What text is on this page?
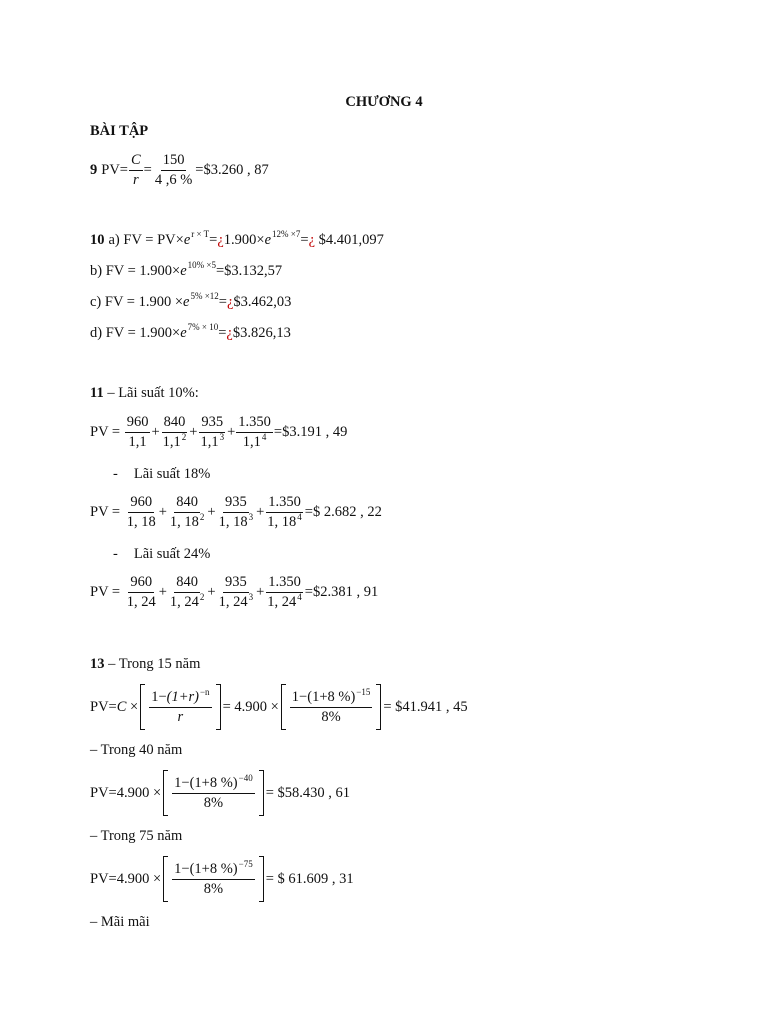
CHƯƠNG 4
BÀI TẬP
9 $PV= \frac{C}{r} = \frac{150}{4 ,6 \%}$ =$3.260 , 87
10 a) FV = $PV\times e^{r \times T}$ = ¿ $1.900\times e^{12\% \times 7}$ = ¿ $4.401,097
b) FV = $1.900\times e^{10\% \times 5}$ =$3.132,57
c) FV = $1.900 \times e^{5\% \times 12}$ = ¿ $3.462,03
d) FV = $1.900\times e^{7\% \times 10}$ = ¿ $3.826,13
11 – Lãi suất 10%:
PV = $\frac{960}{1,1} + \frac{840}{1,1^2} + \frac{935}{1,1^3} + \frac{1.350}{1,1^4}$ =$3.191 , 49
- Lãi suất 18%
PV = $\frac{960}{1, 18} + \frac{840}{1, 18^2} + \frac{935}{1, 18^3} + \frac{1.350}{1, 18^4}$ =$ 2.682 , 22
- Lãi suất 24%
PV = $\frac{960}{1, 24} + \frac{840}{1, 24^2} + \frac{935}{1, 24^3} + \frac{1.350}{1, 24^4}$ =$2.381 , 91
13 – Trong 15 năm
$PV= C \times \frac{1-(1+r)^{-n}}{r} = 4.900 \times \frac{1-(1+8 \%)^{-15}}{8\%}$ = $41.941 , 45
– Trong 40 năm
$PV=4.900 \times \frac{1-(1+8 \%)^{-40}}{8\%}$ = $58.430 , 61
– Trong 75 năm
$PV=4.900 \times \frac{1-(1+8 \%)^{-75}}{8\%}$ = $ 61.609 , 31
– Mãi mãi
